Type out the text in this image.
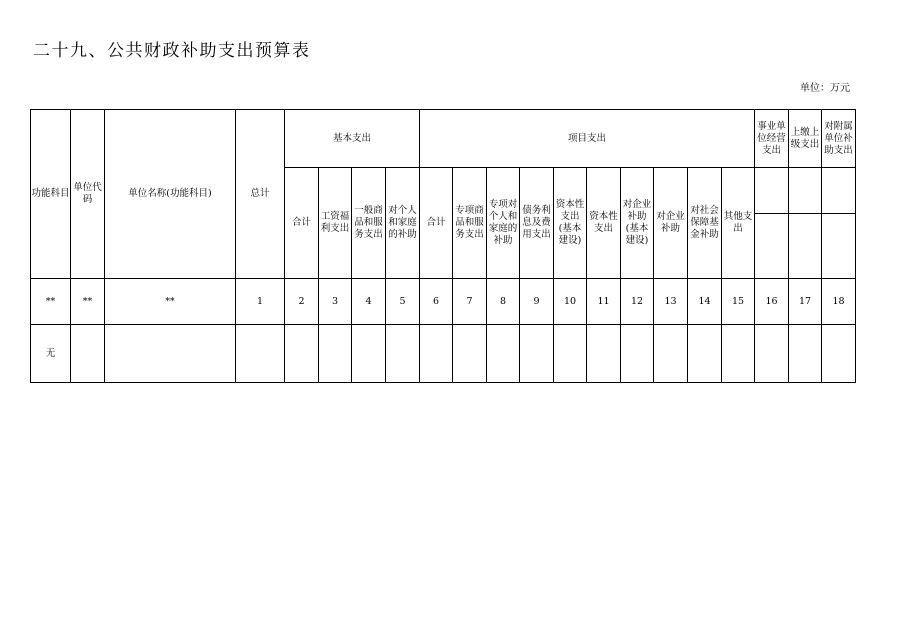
二十九、公共财政补助支出预算表
单位：万元
功能科目	单位代码	单位名称(功能科目)	总计	基本支出				项目支出										事业单位经营支出	上缴上级支出	对附属单位补助支出
				合计	工资福利支出	一般商品和服务支出	对个人和家庭的补助	合计	专项商品和服务支出	专项对个人和家庭的补助	债务利息及费用支出	资本性支出(基本建设)	资本性支出	对企业补助(基本建设)	对企业补助	对社会保障基金补助	其他支出			

**	**	**	1	2	3	4	5	6	7	8	9	10	11	12	13	14	15	16	17	18
无																				
